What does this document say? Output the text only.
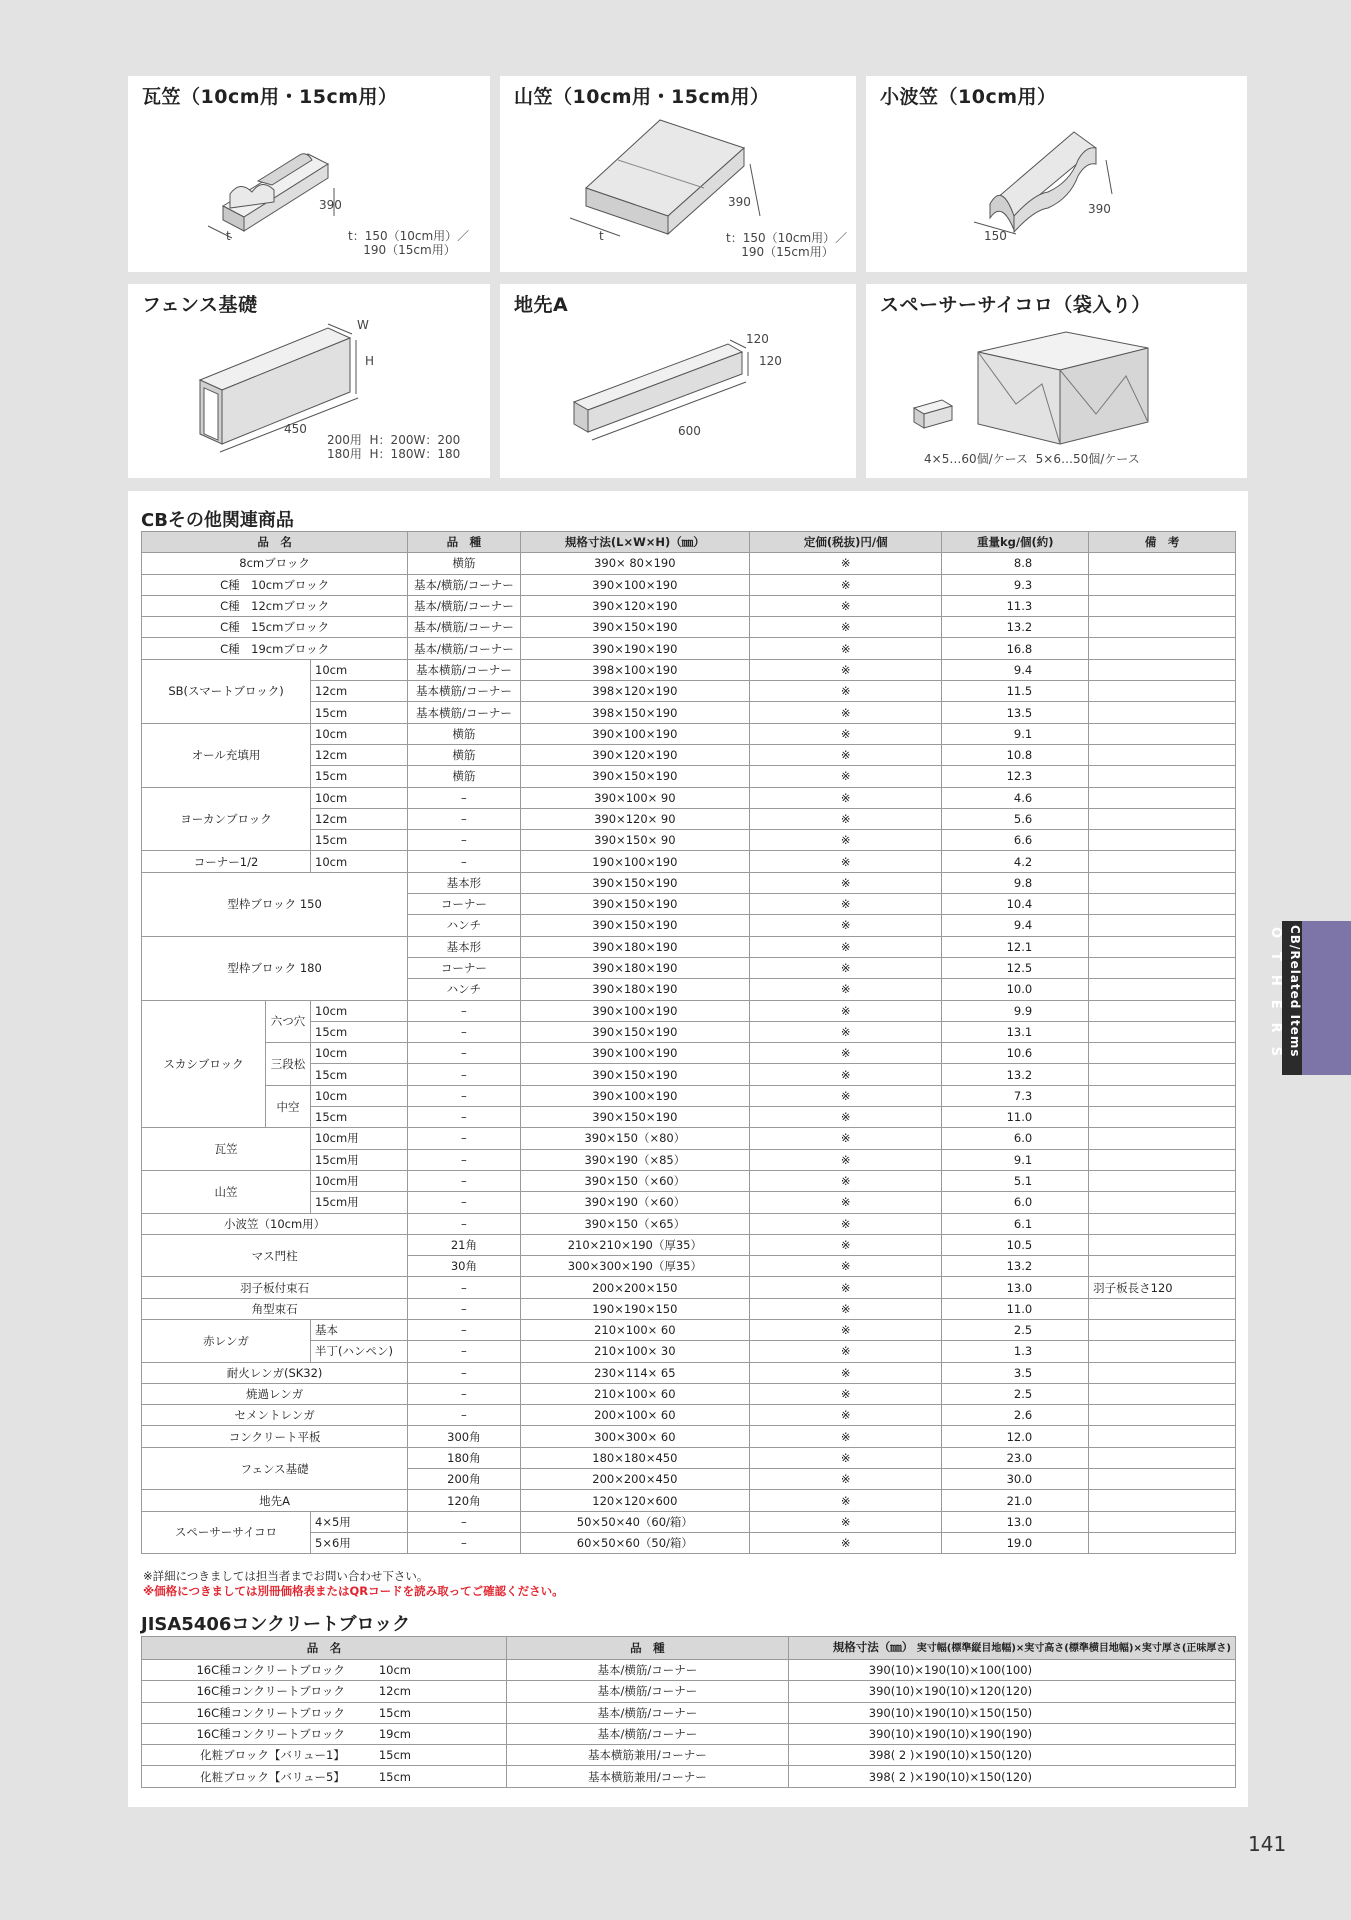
瓦笠（10cm用・15cm用）
390
t	t：150（10cm用）／
190（15cm用）
山笠（10cm用・15cm用）
390
t	t：150（10cm用）／
190（15cm用）
小波笠（10cm用）
390
150
フェンス基礎
W
H
450
200用  H：200W：200
180用  H：180W：180
地先A
120
120
600
スペーサーサイコロ（袋入り）
4×5…60個/ケース  5×6…50個/ケース
CBその他関連商品
品　名			品　種	規格寸法(L×W×H)（㎜）	定価(税抜)円/個	重量kg/個(約)	備　考
8cmブロック			横筋	390× 80×190	※	8.8	
C種　10cmブロック			基本/横筋/コーナー	390×100×190	※	9.3	
C種　12cmブロック			基本/横筋/コーナー	390×120×190	※	11.3	
C種　15cmブロック			基本/横筋/コーナー	390×150×190	※	13.2	
C種　19cmブロック			基本/横筋/コーナー	390×190×190	※	16.8	
SB(スマートブロック)		10cm	基本横筋/コーナー	398×100×190	※	9.4	
		12cm	基本横筋/コーナー	398×120×190	※	11.5	
		15cm	基本横筋/コーナー	398×150×190	※	13.5	
オール充填用		10cm	横筋	390×100×190	※	9.1	
		12cm	横筋	390×120×190	※	10.8	
		15cm	横筋	390×150×190	※	12.3	
ヨーカンブロック		10cm	–	390×100× 90	※	4.6	
		12cm	–	390×120× 90	※	5.6	
		15cm	–	390×150× 90	※	6.6	
コーナー1/2		10cm	–	190×100×190	※	4.2	
型枠ブロック 150			基本形	390×150×190	※	9.8	
			コーナー	390×150×190	※	10.4	
			ハンチ	390×150×190	※	9.4	
型枠ブロック 180			基本形	390×180×190	※	12.1	
			コーナー	390×180×190	※	12.5	
			ハンチ	390×180×190	※	10.0	
スカシブロック	六つ穴	10cm	–	390×100×190	※	9.9	
		15cm	–	390×150×190	※	13.1	
	三段松	10cm	–	390×100×190	※	10.6	
		15cm	–	390×150×190	※	13.2	
	中空	10cm	–	390×100×190	※	7.3	
		15cm	–	390×150×190	※	11.0	
瓦笠		10cm用	–	390×150（×80）	※	6.0	
		15cm用	–	390×190（×85）	※	9.1	
山笠		10cm用	–	390×150（×60）	※	5.1	
		15cm用	–	390×190（×60）	※	6.0	
小波笠（10cm用）			–	390×150（×65）	※	6.1	
マス門柱			21角	210×210×190（厚35）	※	10.5	
			30角	300×300×190（厚35）	※	13.2	
羽子板付束石			–	200×200×150	※	13.0	羽子板長さ120
角型束石			–	190×190×150	※	11.0	
赤レンガ		基本	–	210×100× 60	※	2.5	
		半丁(ハンペン)	–	210×100× 30	※	1.3	
耐火レンガ(SK32)			–	230×114× 65	※	3.5	
焼過レンガ			–	210×100× 60	※	2.5	
セメントレンガ			–	200×100× 60	※	2.6	
コンクリート平板			300角	300×300× 60	※	12.0	
フェンス基礎			180角	180×180×450	※	23.0	
			200角	200×200×450	※	30.0	
地先A			120角	120×120×600	※	21.0	
スペーサーサイコロ		4×5用	–	50×50×40（60/箱）	※	13.0	
		5×6用	–	60×50×60（50/箱）	※	19.0	
※詳細につきましては担当者までお問い合わせ下さい。
※価格につきましては別冊価格表またはQRコードを読み取ってご確認ください。
JISA5406コンクリートブロック
品　名		品　種	規格寸法（㎜） 実寸幅(標準縦目地幅)×実寸高さ(標準横目地幅)×実寸厚さ(正味厚さ)
16C種コンクリートブロック	10cm	基本/横筋/コーナー	390(10)×190(10)×100(100)
16C種コンクリートブロック	12cm	基本/横筋/コーナー	390(10)×190(10)×120(120)
16C種コンクリートブロック	15cm	基本/横筋/コーナー	390(10)×190(10)×150(150)
16C種コンクリートブロック	19cm	基本/横筋/コーナー	390(10)×190(10)×190(190)
化粧ブロック【バリュー1】	15cm	基本横筋兼用/コーナー	398( 2 )×190(10)×150(120)
化粧ブロック【バリュー5】	15cm	基本横筋兼用/コーナー	398( 2 )×190(10)×150(120)
CB/Related Items
OTHERS
141
